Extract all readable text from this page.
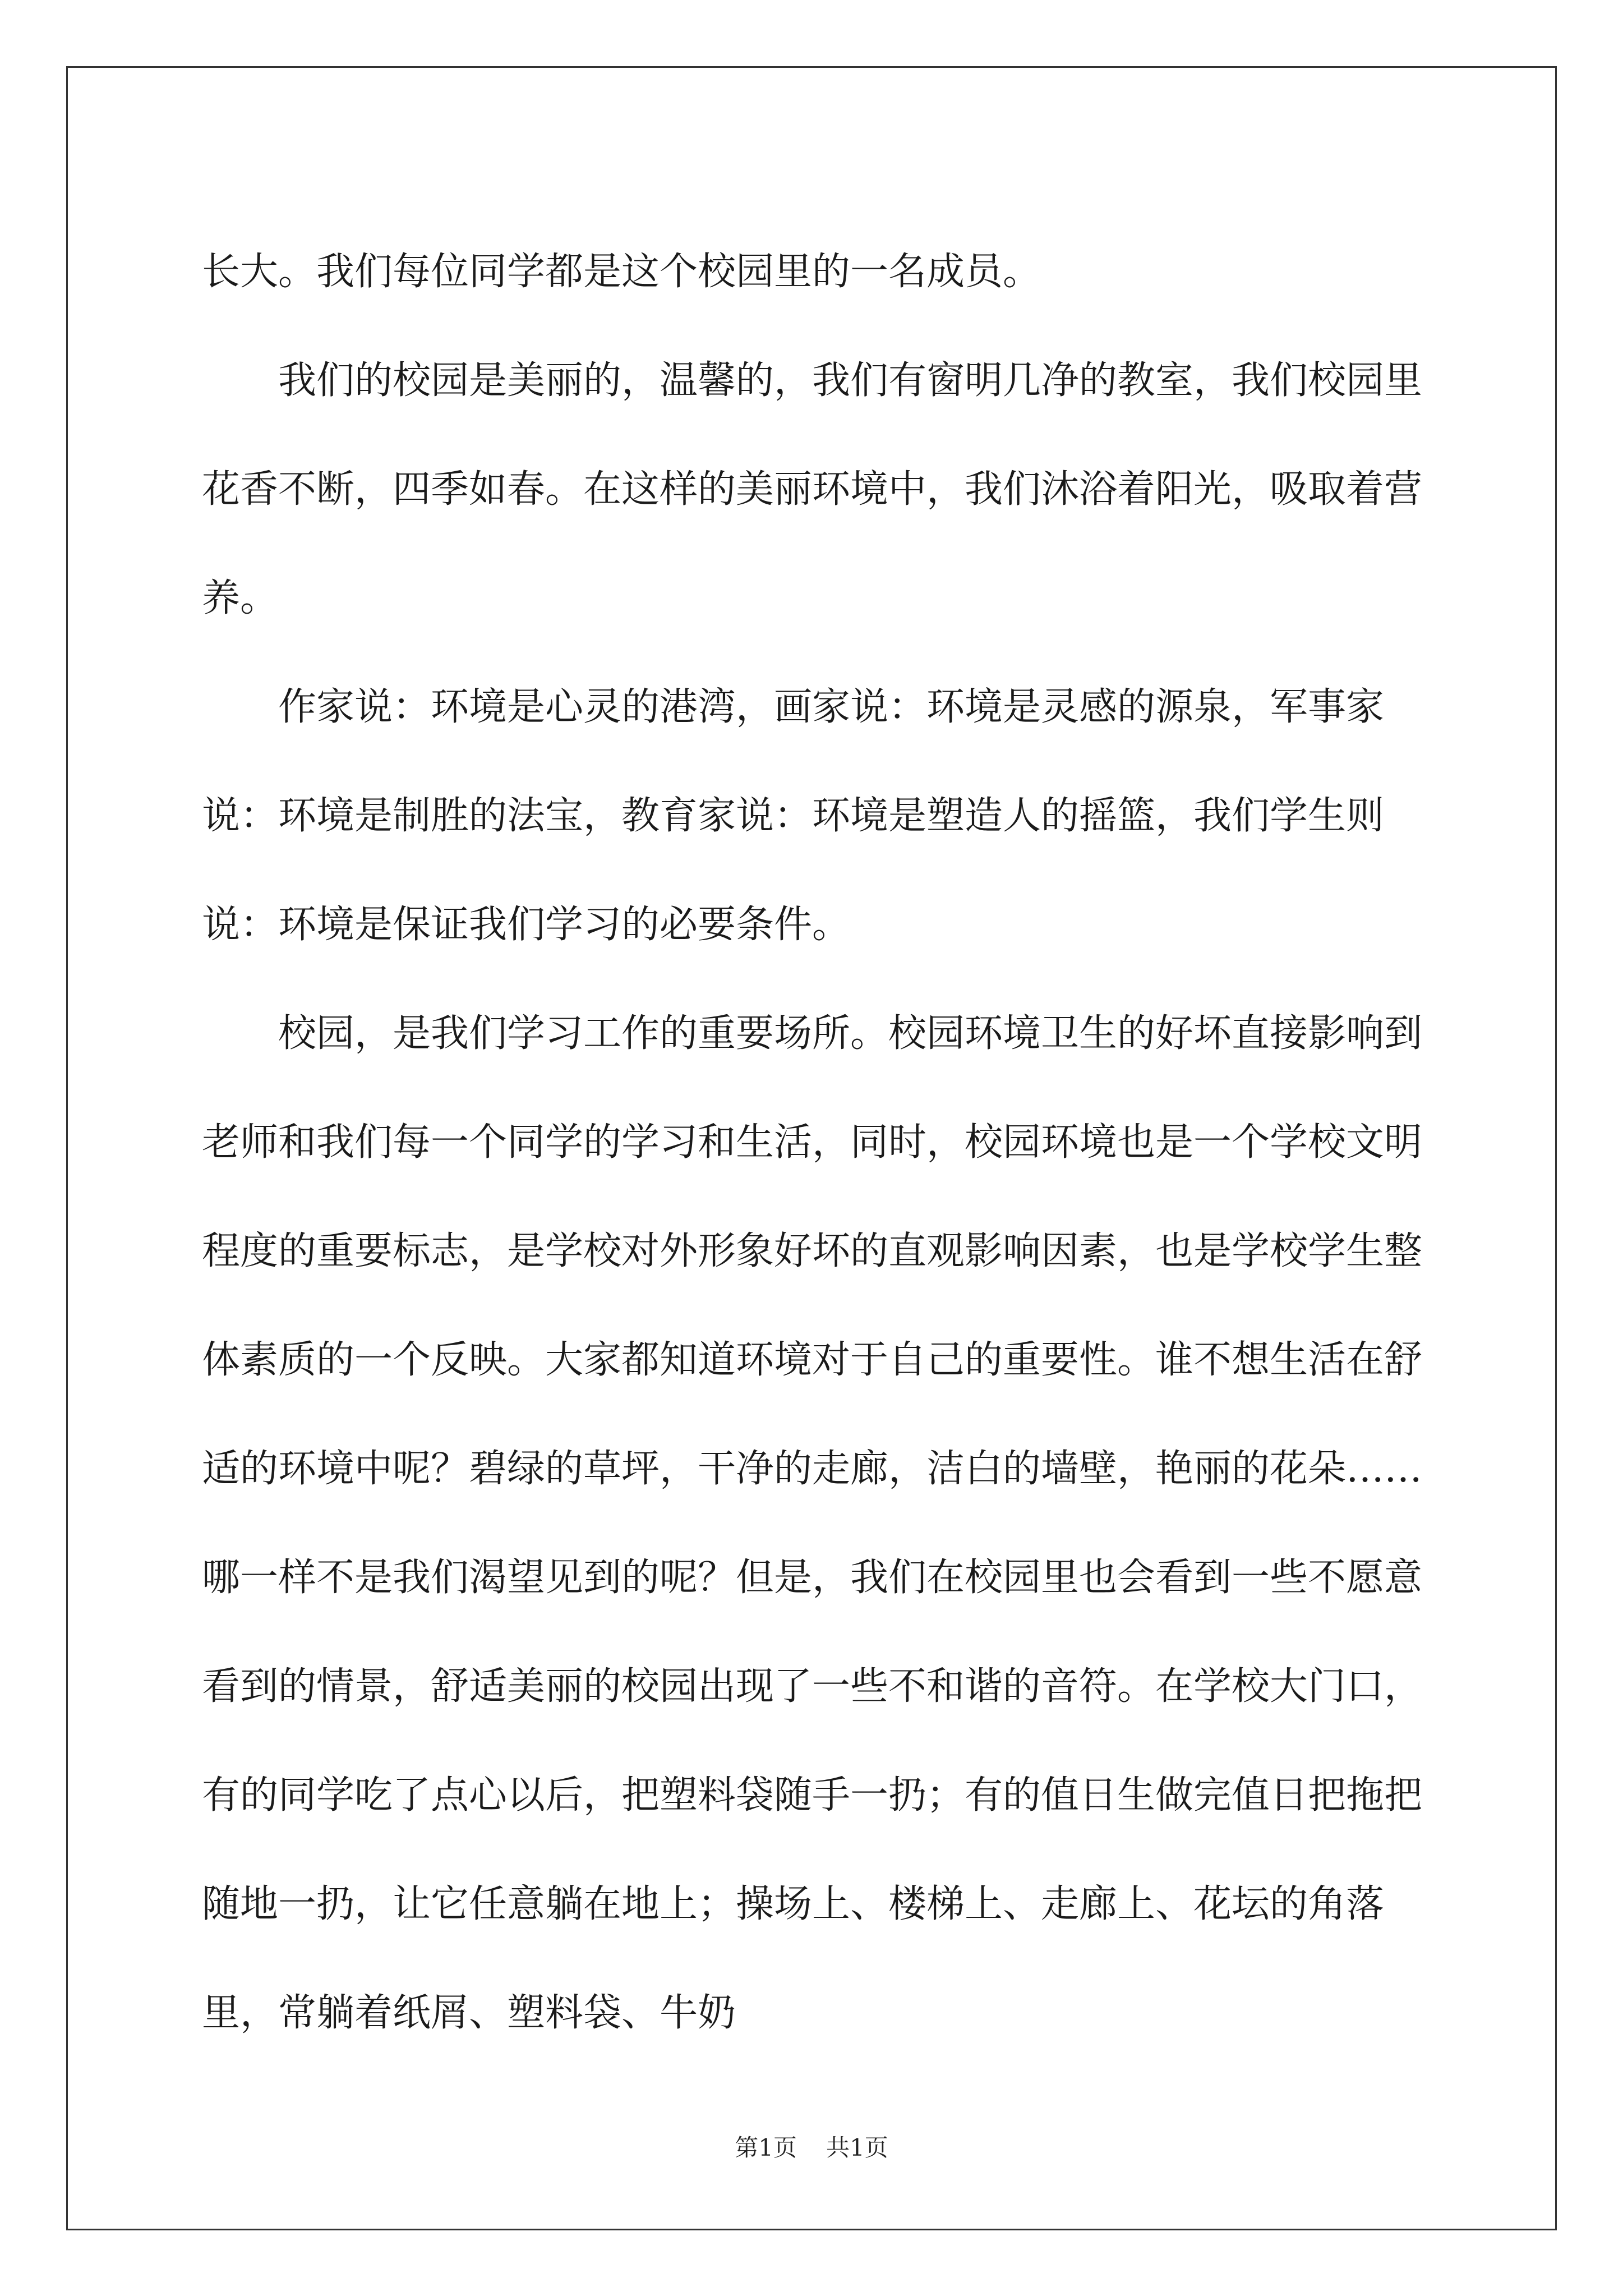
长大。我们每位同学都是这个校园里的一名成员。

我们的校园是美丽的，温馨的，我们有窗明几净的教室，我们校园里花香不断，四季如春。在这样的美丽环境中，我们沐浴着阳光，吸取着营养。

作家说：环境是心灵的港湾，画家说：环境是灵感的源泉，军事家说：环境是制胜的法宝，教育家说：环境是塑造人的摇篮，我们学生则说：环境是保证我们学习的必要条件。

校园，是我们学习工作的重要场所。校园环境卫生的好坏直接影响到老师和我们每一个同学的学习和生活，同时，校园环境也是一个学校文明程度的重要标志，是学校对外形象好坏的直观影响因素，也是学校学生整体素质的一个反映。大家都知道环境对于自己的重要性。谁不想生活在舒适的环境中呢？碧绿的草坪，干净的走廊，洁白的墙壁，艳丽的花朵……哪一样不是我们渴望见到的呢？但是，我们在校园里也会看到一些不愿意看到的情景，舒适美丽的校园出现了一些不和谐的音符。在学校大门口，有的同学吃了点心以后，把塑料袋随手一扔；有的值日生做完值日把拖把随地一扔，让它任意躺在地上；操场上、楼梯上、走廊上、花坛的角落里，常躺着纸屑、塑料袋、牛奶

第1页 共1页
